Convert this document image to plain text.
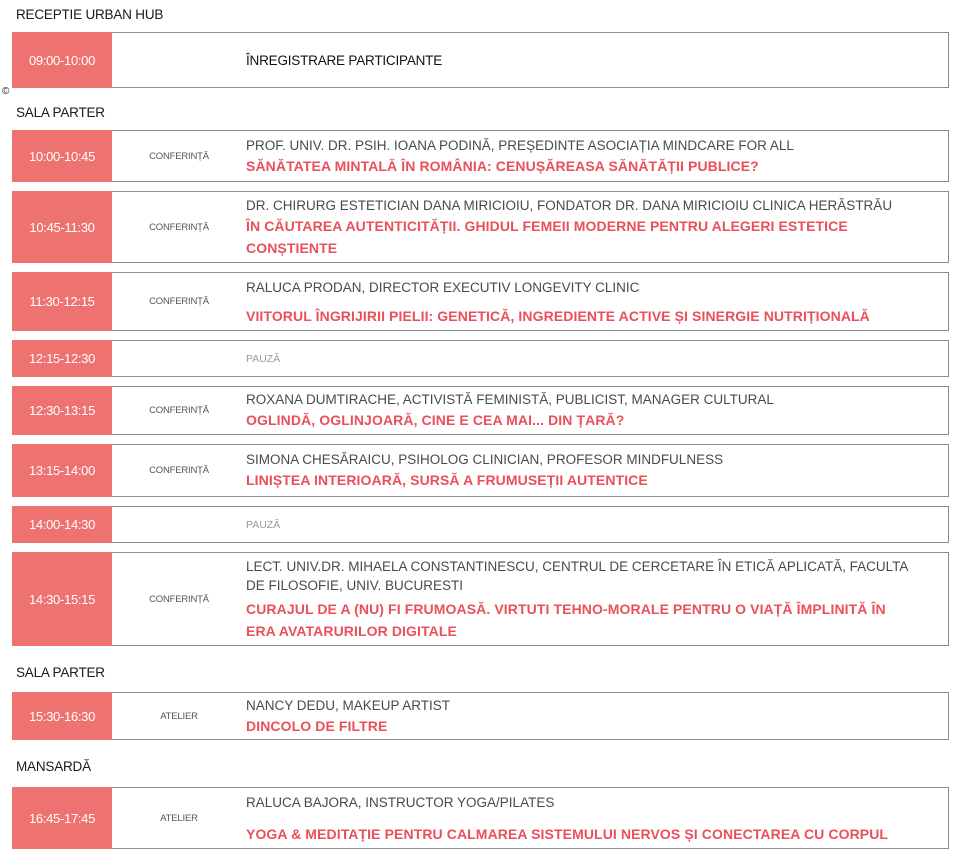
RECEPTIE URBAN HUB
09:00-10:00	ÎNREGISTRARE PARTICIPANTE
©
SALA PARTER
10:00-10:45	CONFERINȚĂ
PROF. UNIV. DR. PSIH. IOANA PODINĂ, PREȘEDINTE ASOCIAȚIA MINDCARE FOR ALL
SĂNĂTATEA MINTALĂ ÎN ROMÂNIA: CENUȘĂREASA SĂNĂTĂȚII PUBLICE?
10:45-11:30	CONFERINȚĂ
DR. CHIRURG ESTETICIAN DANA MIRICIOIU, FONDATOR DR. DANA MIRICIOIU CLINICA HERĂSTRĂU
ÎN CĂUTAREA AUTENTICITĂȚII. GHIDUL FEMEII MODERNE PENTRU ALEGERI ESTETICE
CONȘTIENTE
11:30-12:15	CONFERINȚĂ
RALUCA PRODAN, DIRECTOR EXECUTIV LONGEVITY CLINIC
VIITORUL ÎNGRIJIRII PIELII: GENETICĂ, INGREDIENTE ACTIVE ȘI SINERGIE NUTRIȚIONALĂ
12:15-12:30	PAUZĂ
12:30-13:15	CONFERINȚĂ
ROXANA DUMTIRACHE, ACTIVISTĂ FEMINISTĂ, PUBLICIST, MANAGER CULTURAL
OGLINDĂ, OGLINJOARĂ, CINE E CEA MAI... DIN ȚARĂ?
13:15-14:00	CONFERINȚĂ
SIMONA CHESĂRAICU, PSIHOLOG CLINICIAN, PROFESOR MINDFULNESS
LINIȘTEA INTERIOARĂ, SURSĂ A FRUMUSEȚII AUTENTICE
14:00-14:30	PAUZĂ
14:30-15:15	CONFERINȚĂ
LECT. UNIV.DR. MIHAELA CONSTANTINESCU, CENTRUL DE CERCETARE ÎN ETICĂ APLICATĂ, FACULTA
DE FILOSOFIE, UNIV. BUCURESTI
CURAJUL DE A (NU) FI FRUMOASĂ. VIRTUTI TEHNO-MORALE PENTRU O VIAȚĂ ÎMPLINITĂ ÎN
ERA AVATARURILOR DIGITALE
SALA PARTER
15:30-16:30	ATELIER
NANCY DEDU, MAKEUP ARTIST
DINCOLO DE FILTRE
MANSARDĂ
16:45-17:45	ATELIER
RALUCA BAJORA, INSTRUCTOR YOGA/PILATES
YOGA & MEDITAȚIE PENTRU CALMAREA SISTEMULUI NERVOS ȘI CONECTAREA CU CORPUL
